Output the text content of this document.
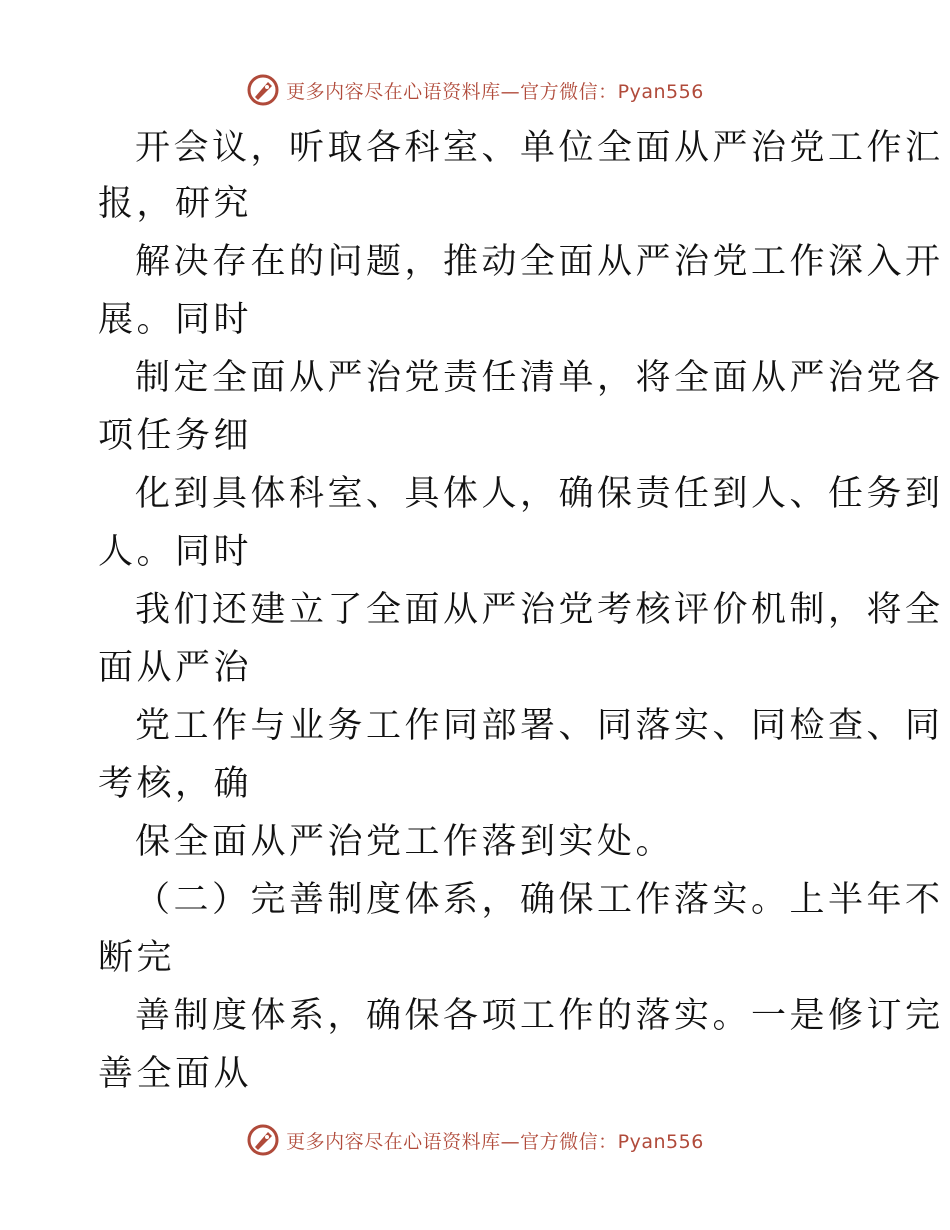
更多内容尽在心语资料库—官方微信：Pyan556
开会议，听取各科室、单位全面从严治党工作汇
报，研究
解决存在的问题，推动全面从严治党工作深入开
展。同时
制定全面从严治党责任清单，将全面从严治党各
项任务细
化到具体科室、具体人，确保责任到人、任务到
人。同时
我们还建立了全面从严治党考核评价机制，将全
面从严治
党工作与业务工作同部署、同落实、同检查、同
考核，确
保全面从严治党工作落到实处。
（二）完善制度体系，确保工作落实。上半年不
断完
善制度体系，确保各项工作的落实。一是修订完
善全面从
更多内容尽在心语资料库—官方微信：Pyan556
